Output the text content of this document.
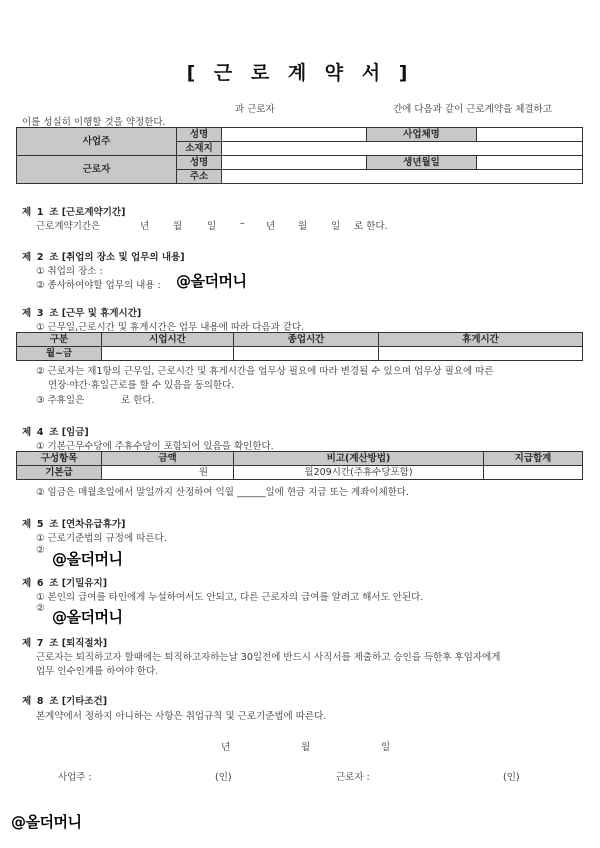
[ 근 로 계 약 서 ]
과 근로자	간에 다음과 같이 근로계약을 체결하고
이를 성실히 이행할 것을 약정한다.
사업주	성명		사업체명	
	소재지			
근로자	성명		생년월일	
	주소			
제 1 조 [근로계약기간]
근로계약기간은	년	월	일	– 년 월	일 로 한다.
제 2 조 [취업의 장소 및 업무의 내용]
① 취업의 장소 :
② 종사하여야할 업무의 내용 : @올더머니
제 3 조 [근무 및 휴게시간]
① 근무일,근로시간 및 휴게시간은 업무 내용에 따라 다음과 같다.
구분	시업시간	종업시간	휴게시간
월~금			
② 근로자는 제1항의 근무일, 근로시간 및 휴게시간을 업무상 필요에 따라 변경될 수 있으며 업무상 필요에 따른
연장·야간·휴일근로를 할 수 있음을 동의한다.
③ 주휴일은	로 한다.
제 4 조 [임금]
① 기본근무수당에 주휴수당이 포함되어 있음을 확인한다.
구성항목	금액	비고(계산방법)	지급합계
기본급	원	월209시간(주휴수당포함)	
② 임금은 매월초일에서 말일까지 산정하여 익월 ______일에 현금 지급 또는 계좌이체한다.
제 5 조 [연차유급휴가]
① 근로기준법의 규정에 따른다.
② @올더머니
제 6 조 [기밀유지]
① 본인의 급여를 타인에게 누설하여서도 안되고, 다른 근로자의 급여를 알려고 해서도 안된다.
② @올더머니
제 7 조 [퇴직절차]
근로자는 퇴직하고자 할때에는 퇴직하고자하는날 30일전에 반드시 사직서를 제출하고 승인을 득한후 후임자에게
업무 인수인계를 하여야 한다.
제 8 조 [기타조건]
본계약에서 정하지 아니하는 사항은 취업규칙 및 근로기준법에 따른다.
년	월	일
사업주 :	(인)	근로자 :	(인)
@올더머니
